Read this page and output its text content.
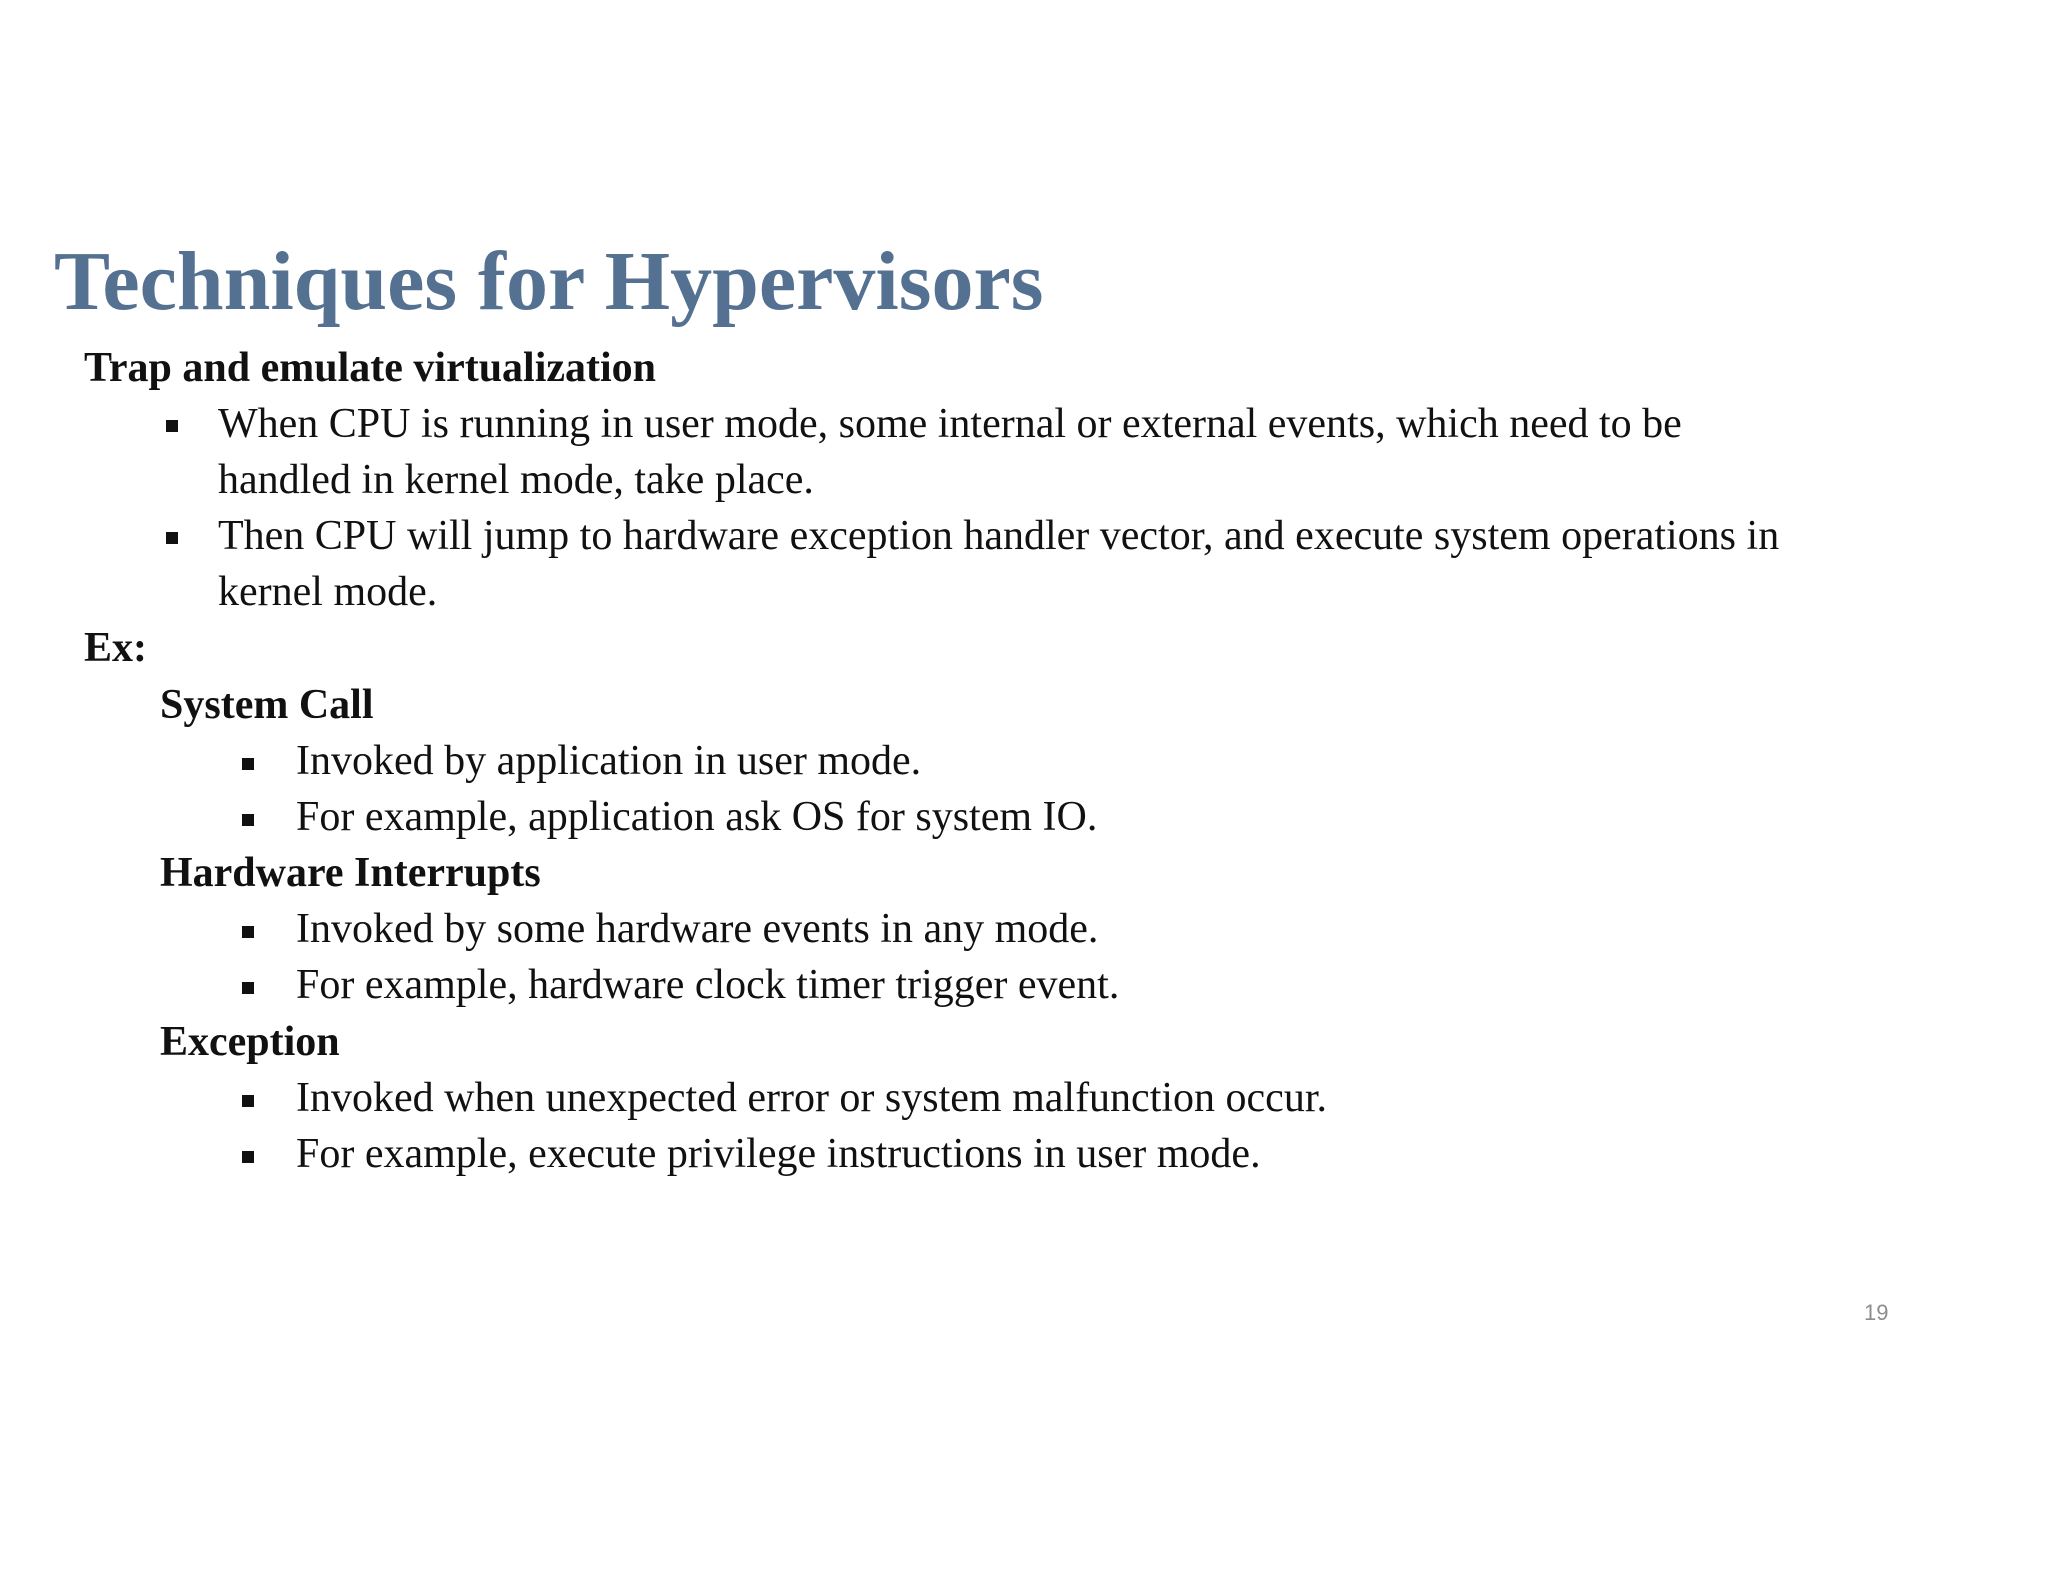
Techniques for Hypervisors
Trap and emulate virtualization
When CPU is running in user mode, some internal or external events, which need to be
handled in kernel mode, take place.
Then CPU will jump to hardware exception handler vector, and execute system operations in
kernel mode.
Ex:
System Call
Invoked by application in user mode.
For example, application ask OS for system IO.
Hardware Interrupts
Invoked by some hardware events in any mode.
For example, hardware clock timer trigger event.
Exception
Invoked when unexpected error or system malfunction occur.
For example, execute privilege instructions in user mode.
19
